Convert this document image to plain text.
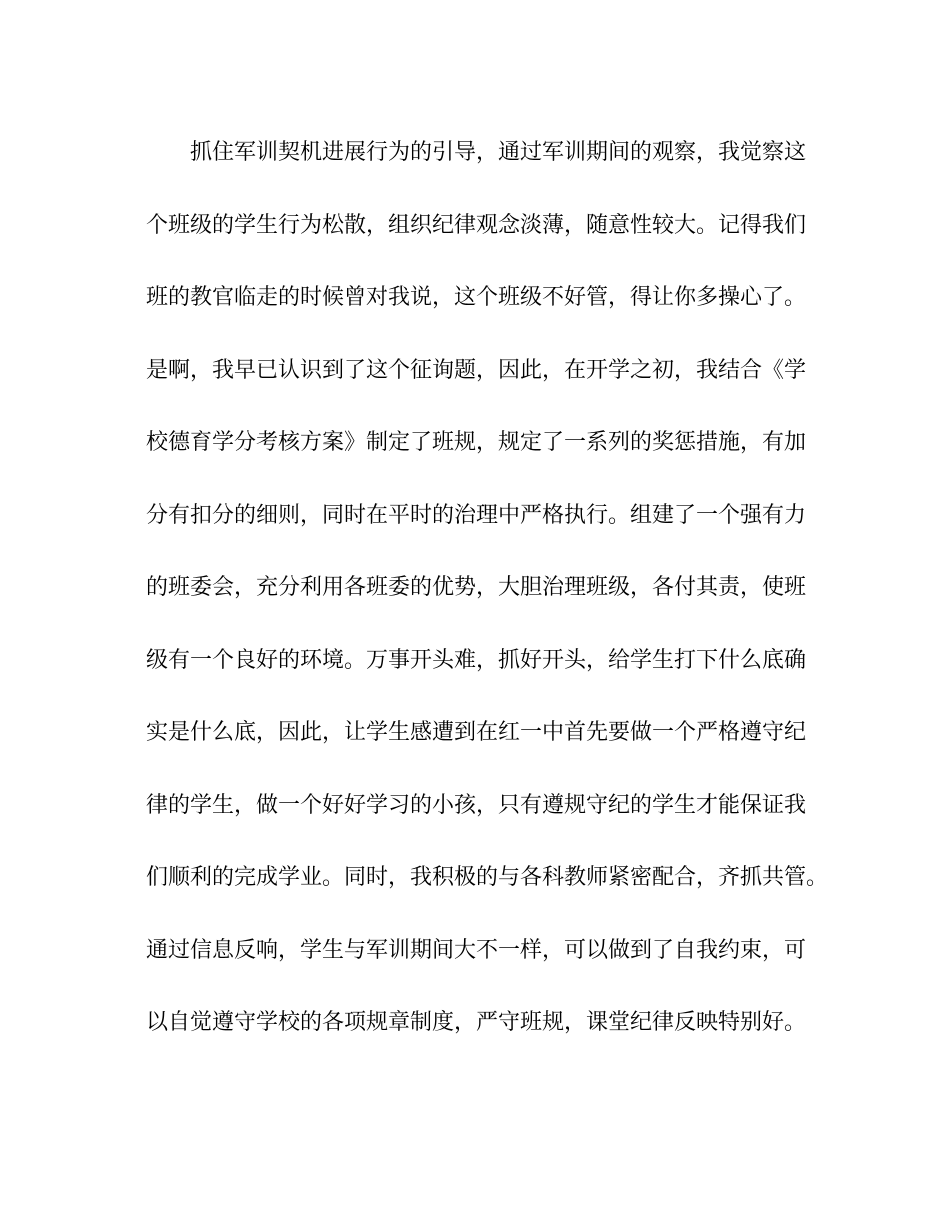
抓住军训契机进展行为的引导，通过军训期间的观察，我觉察这
个班级的学生行为松散，组织纪律观念淡薄，随意性较大。记得我们
班的教官临走的时候曾对我说，这个班级不好管，得让你多操心了。
是啊，我早已认识到了这个征询题，因此，在开学之初，我结合《学
校德育学分考核方案》制定了班规，规定了一系列的奖惩措施，有加
分有扣分的细则，同时在平时的治理中严格执行。组建了一个强有力
的班委会，充分利用各班委的优势，大胆治理班级，各付其责，使班
级有一个良好的环境。万事开头难，抓好开头，给学生打下什么底确
实是什么底，因此，让学生感遭到在红一中首先要做一个严格遵守纪
律的学生，做一个好好学习的小孩，只有遵规守纪的学生才能保证我
们顺利的完成学业。同时，我积极的与各科教师紧密配合，齐抓共管。
通过信息反响，学生与军训期间大不一样，可以做到了自我约束，可
以自觉遵守学校的各项规章制度，严守班规，课堂纪律反映特别好。
